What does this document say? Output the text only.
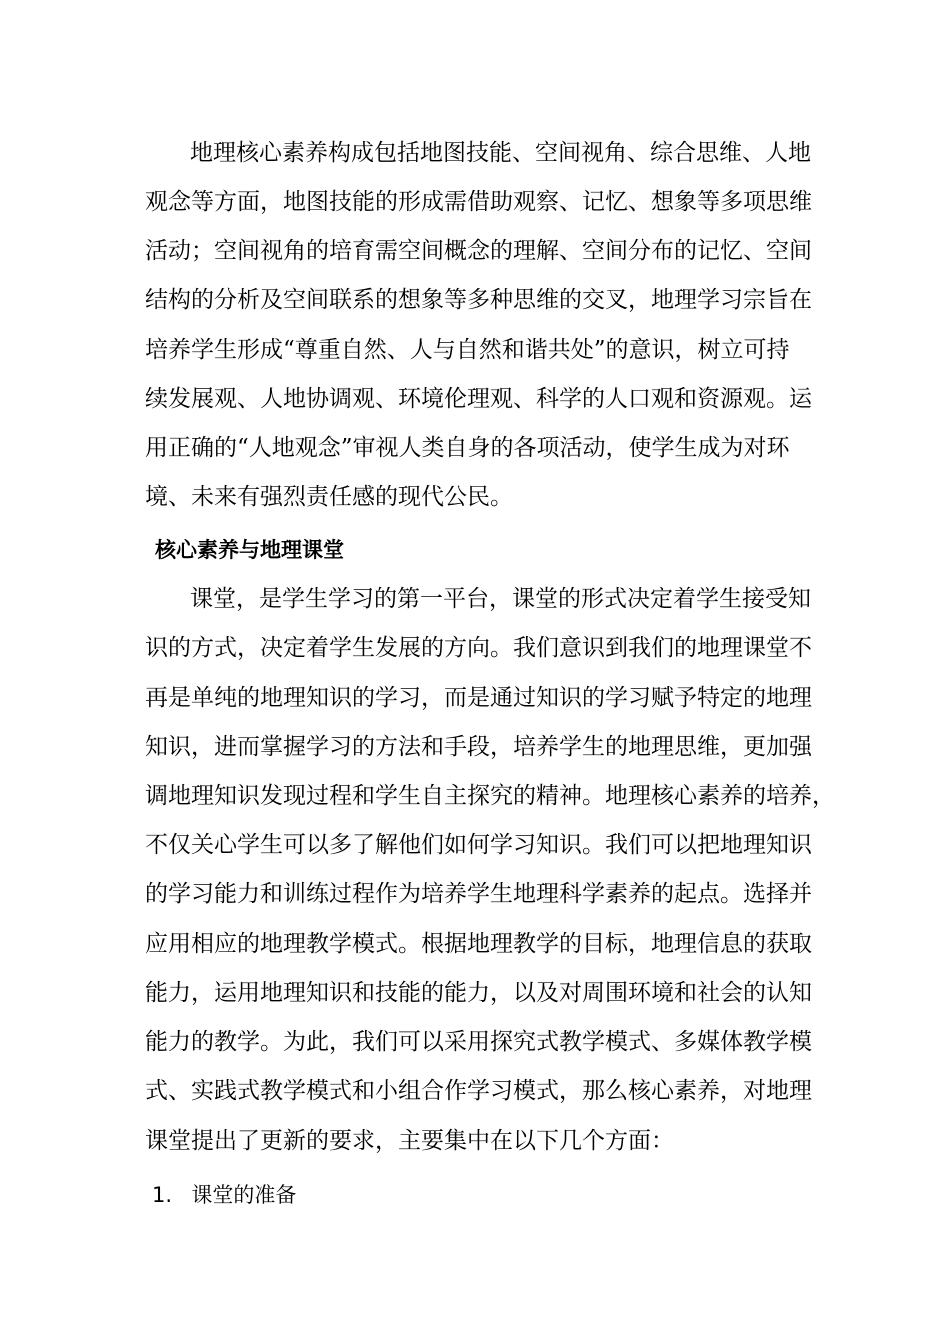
地理核心素养构成包括地图技能、空间视角、综合思维、人地

观念等方面，地图技能的形成需借助观察、记忆、想象等多项思维

活动；空间视角的培育需空间概念的理解、空间分布的记忆、空间

结构的分析及空间联系的想象等多种思维的交叉，地理学习宗旨在

培养学生形成“尊重自然、人与自然和谐共处”的意识，树立可持

续发展观、人地协调观、环境伦理观、科学的人口观和资源观。运

用正确的“人地观念”审视人类自身的各项活动，使学生成为对环

境、未来有强烈责任感的现代公民。

核心素养与地理课堂

课堂，是学生学习的第一平台，课堂的形式决定着学生接受知

识的方式，决定着学生发展的方向。我们意识到我们的地理课堂不

再是单纯的地理知识的学习，而是通过知识的学习赋予特定的地理

知识，进而掌握学习的方法和手段，培养学生的地理思维，更加强

调地理知识发现过程和学生自主探究的精神。地理核心素养的培养，

不仅关心学生可以多了解他们如何学习知识。我们可以把地理知识

的学习能力和训练过程作为培养学生地理科学素养的起点。选择并

应用相应的地理教学模式。根据地理教学的目标，地理信息的获取

能力，运用地理知识和技能的能力，以及对周围环境和社会的认知

能力的教学。为此，我们可以采用探究式教学模式、多媒体教学模

式、实践式教学模式和小组合作学习模式，那么核心素养，对地理

课堂提出了更新的要求，主要集中在以下几个方面：

1. 课堂的准备
